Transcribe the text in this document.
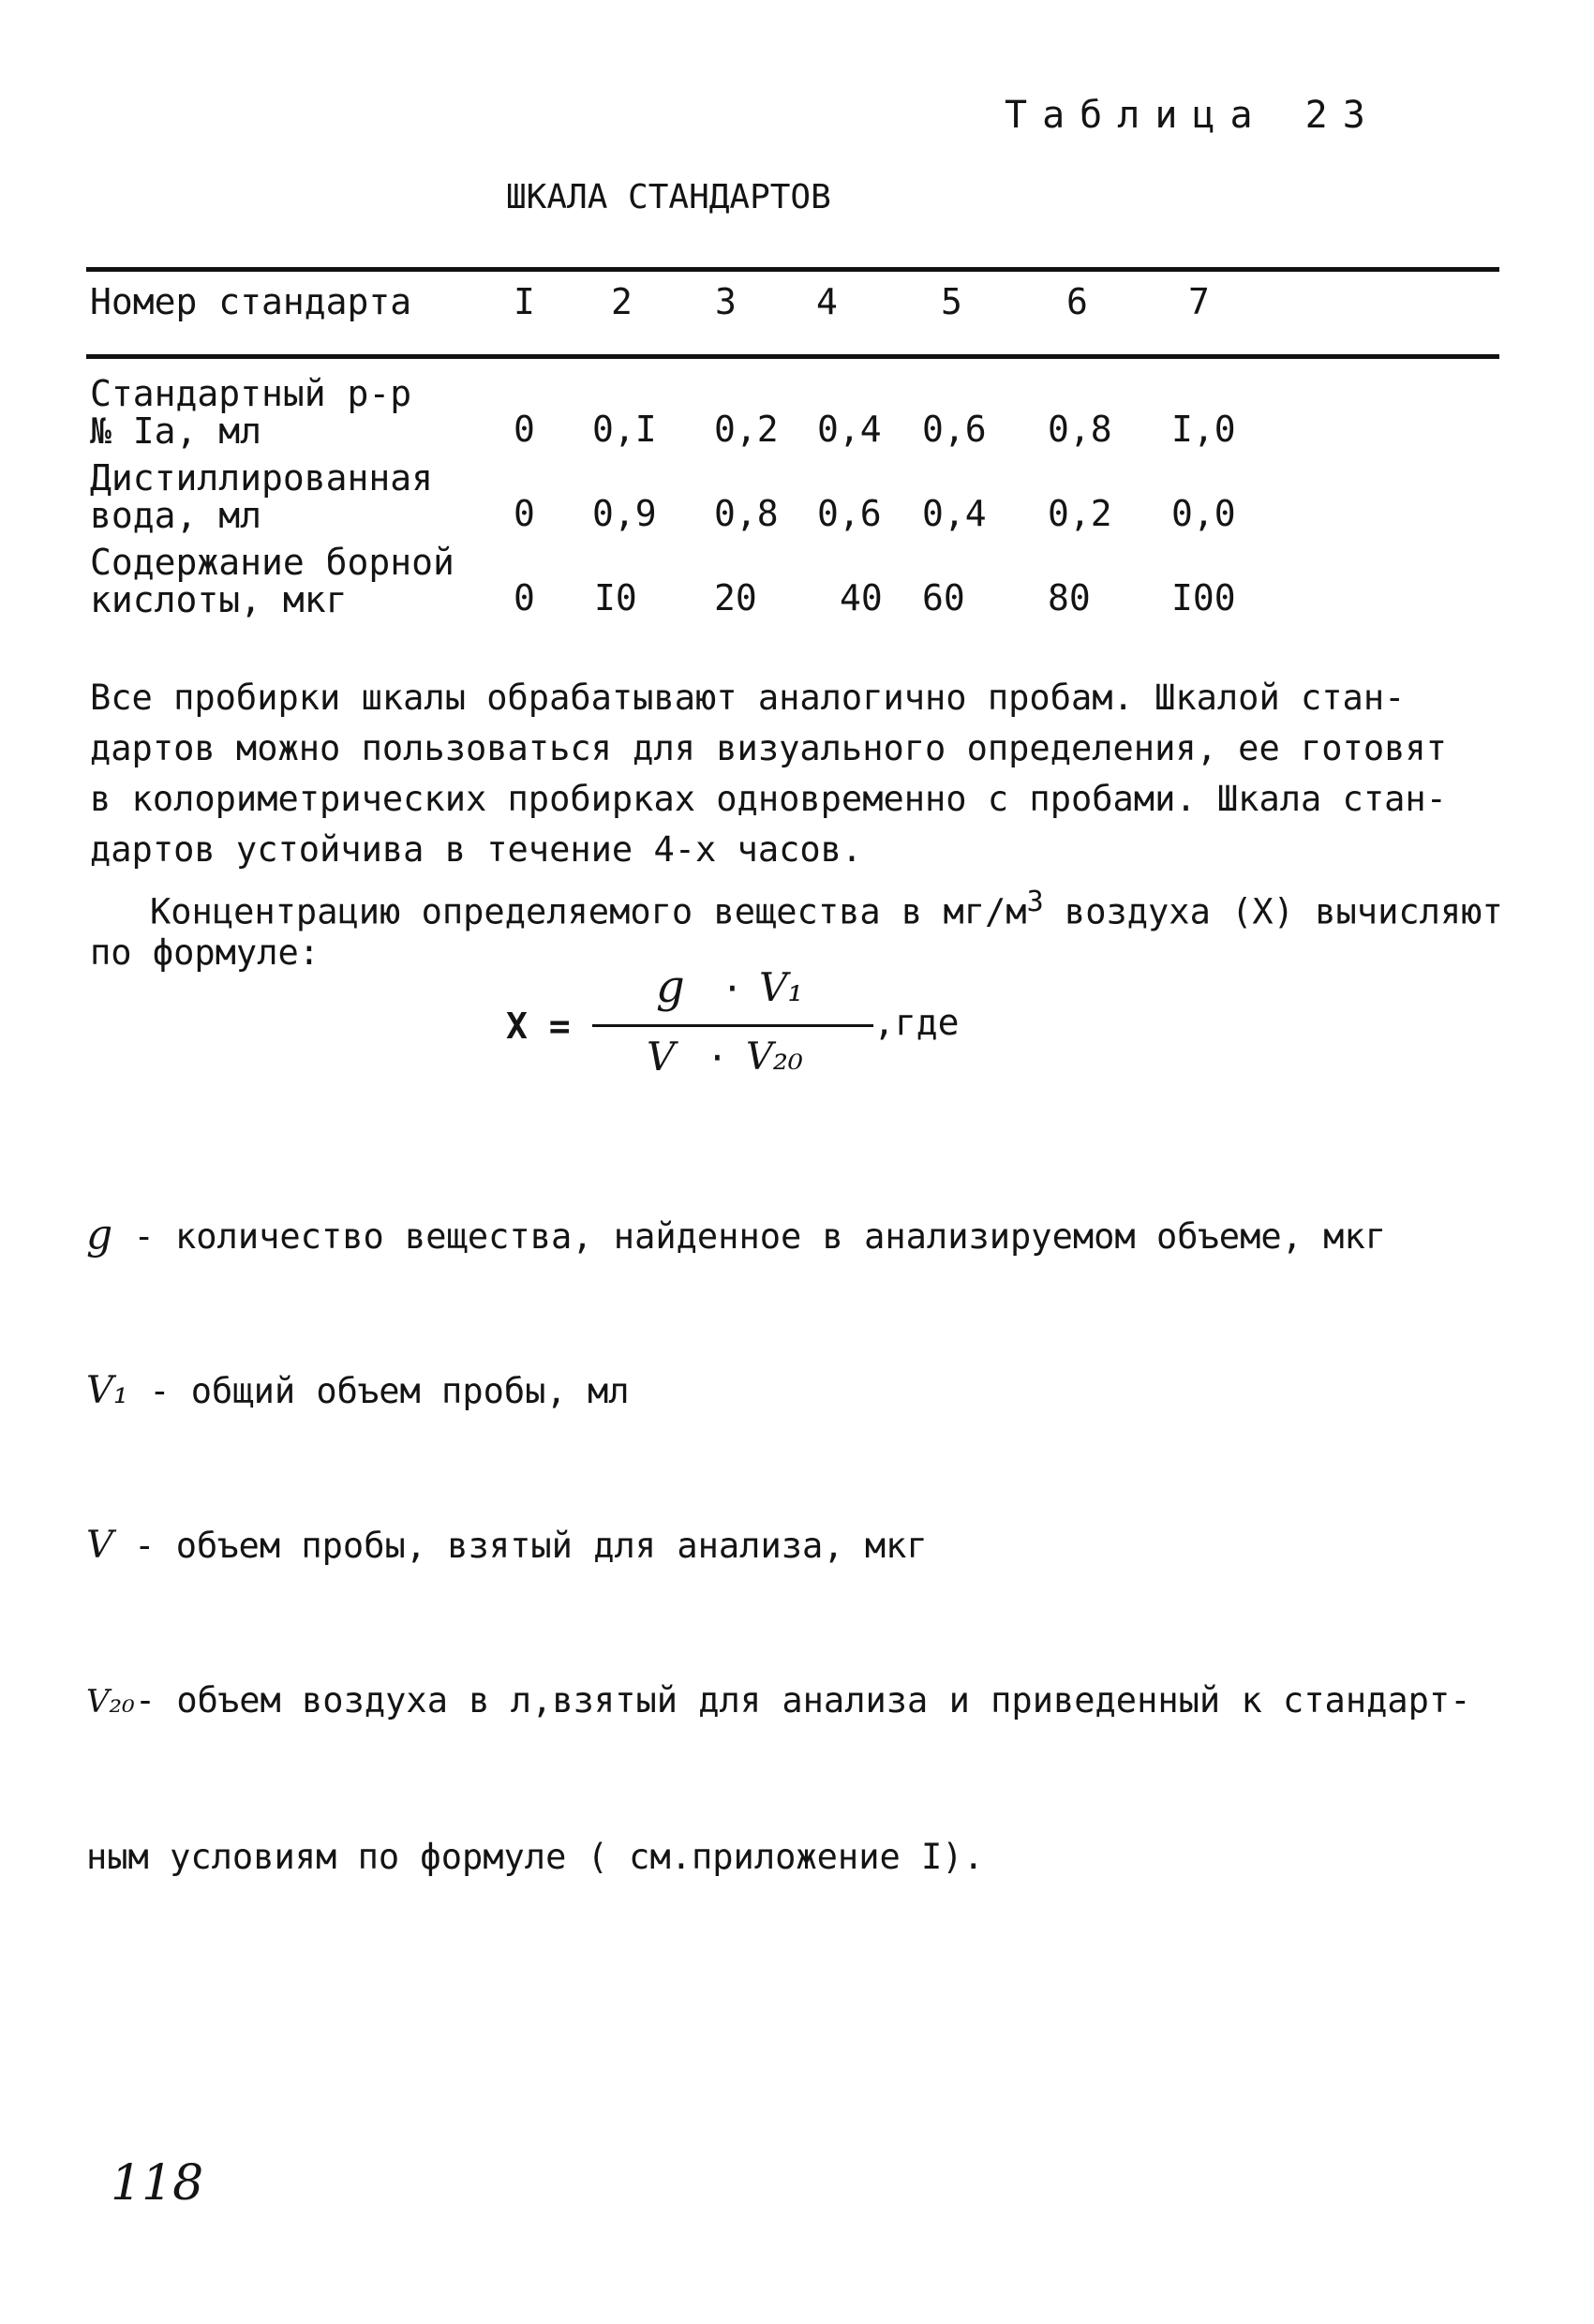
Таблица 23
ШКАЛА СТАНДАРТОВ
Номер стандарта	I 2 3 4	5	6	7
Стандартный р-р
№ Iа, мл	0 0,I 0,2 0,4 0,6 0,8 I,0
Дистиллированная
вода, мл	0 0,9 0,8 0,6 0,4 0,2 0,0
Содержание борной
кислоты, мкг	0 I0 20 40 60 80 I00

Все пробирки шкалы обрабатывают аналогично пробам. Шкалой стан-
дартов можно пользоваться для визуального определения, ее готовят
в колориметрических пробирках одновременно с пробами. Шкала стан-
дартов устойчива в течение 4-х часов.
Концентрацию определяемого вещества в $мг/м^3$ воздуха (X) вычисляют
по формуле:
X =
g · V₁
V · V₂₀
,где

g - количество вещества, найденное в анализируемом объеме, мкг

V₁ - общий объем пробы, мл

V - объем пробы, взятый для анализа, мкг

V₂₀- объем воздуха в л,взятый для анализа и приведенный к стандарт-

ным условиям по формуле ( см.приложение I).

118
